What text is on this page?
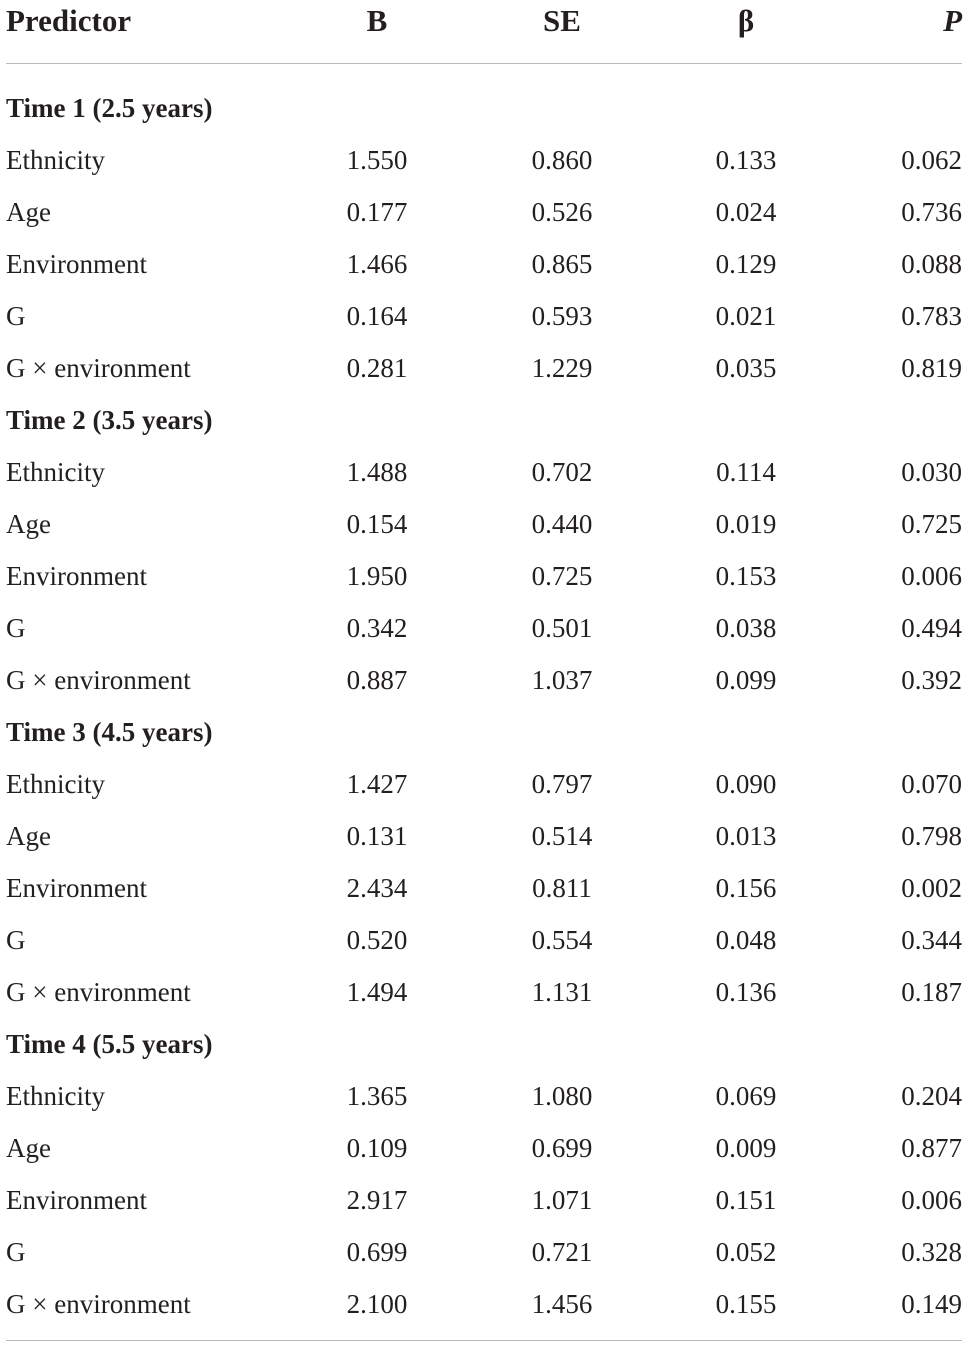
Predictor	B	SE	β	P
Time 1 (2.5 years)
Ethnicity	1.550	0.860	0.133	0.062
Age	0.177	0.526	0.024	0.736
Environment	1.466	0.865	0.129	0.088
G	0.164	0.593	0.021	0.783
G × environment	0.281	1.229	0.035	0.819
Time 2 (3.5 years)
Ethnicity	1.488	0.702	0.114	0.030
Age	0.154	0.440	0.019	0.725
Environment	1.950	0.725	0.153	0.006
G	0.342	0.501	0.038	0.494
G × environment	0.887	1.037	0.099	0.392
Time 3 (4.5 years)
Ethnicity	1.427	0.797	0.090	0.070
Age	0.131	0.514	0.013	0.798
Environment	2.434	0.811	0.156	0.002
G	0.520	0.554	0.048	0.344
G × environment	1.494	1.131	0.136	0.187
Time 4 (5.5 years)
Ethnicity	1.365	1.080	0.069	0.204
Age	0.109	0.699	0.009	0.877
Environment	2.917	1.071	0.151	0.006
G	0.699	0.721	0.052	0.328
G × environment	2.100	1.456	0.155	0.149
